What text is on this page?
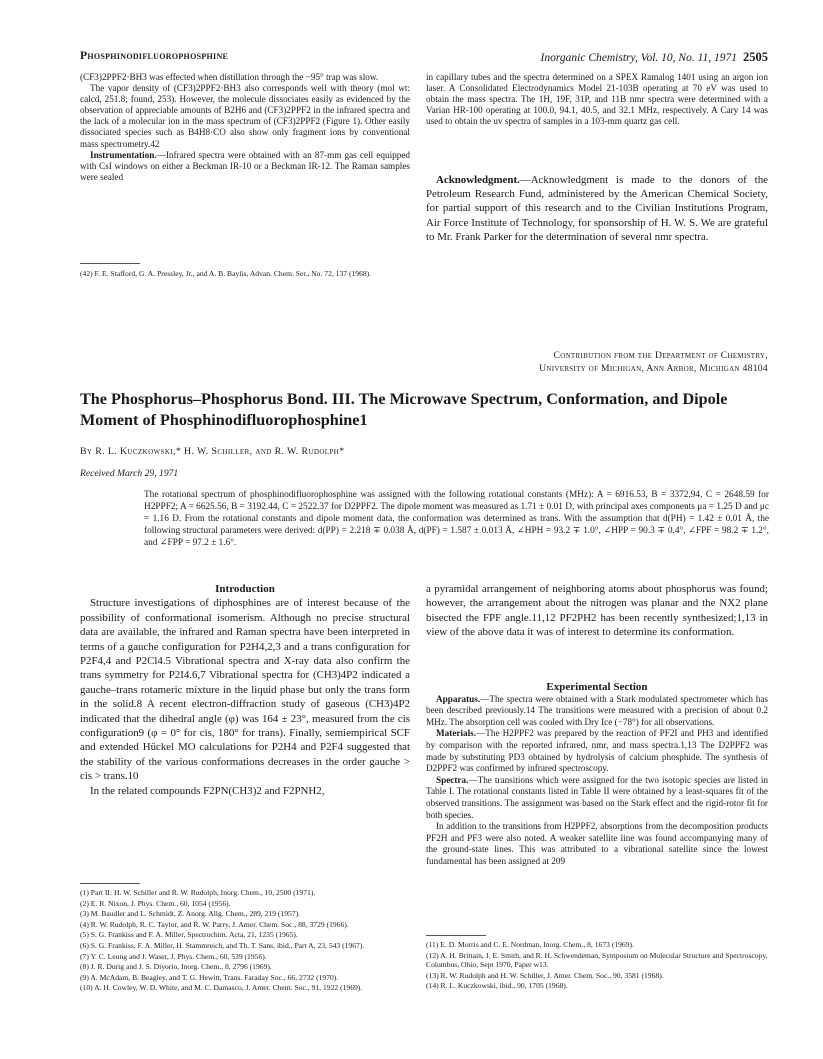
Phosphinodifluorophosphine	Inorganic Chemistry, Vol. 10, No. 11, 1971 2505

(CF3)2PPF2·BH3 was effected when distillation through the −95° trap was slow.

The vapor density of (CF3)2PPF2·BH3 also corresponds well with theory (mol wt: calcd, 251.8; found, 253). However, the molecule dissociates easily as evidenced by the observation of appreciable amounts of B2H6 and (CF3)2PPF2 in the infrared spectra and the lack of a molecular ion in the mass spectrum of (CF3)2PPF2 (Figure 1). Other easily dissociated species such as B4H8·CO also show only fragment ions by conventional mass spectrometry.42

Instrumentation.—Infrared spectra were obtained with an 87-mm gas cell equipped with CsI windows on either a Beckman IR-10 or a Beckman IR-12. The Raman samples were sealed

(42) F. E. Stafford, G. A. Pressley, Jr., and A. B. Baylis, Advan. Chem. Ser., No. 72, 137 (1968).

in capillary tubes and the spectra determined on a SPEX Ramalog 1401 using an argon ion laser. A Consolidated Electrodynamics Model 21-103B operating at 70 eV was used to obtain the mass spectra. The 1H, 19F, 31P, and 11B nmr spectra were determined with a Varian HR-100 operating at 100.0, 94.1, 40.5, and 32.1 MHz, respectively. A Cary 14 was used to obtain the uv spectra of samples in a 103-mm quartz gas cell.

Acknowledgment.—Acknowledgment is made to the donors of the Petroleum Research Fund, administered by the American Chemical Society, for partial support of this research and to the Civilian Institutions Program, Air Force Institute of Technology, for sponsorship of H. W. S. We are grateful to Mr. Frank Parker for the determination of several nmr spectra.

Contribution from the Department of Chemistry,
University of Michigan, Ann Arbor, Michigan 48104
The Phosphorus–Phosphorus Bond. III. The Microwave Spectrum, Conformation, and Dipole Moment of Phosphinodifluorophosphine1
By R. L. Kuczkowski,* H. W. Schiller, and R. W. Rudolph*
Received March 29, 1971
The rotational spectrum of phosphinodifluorophosphine was assigned with the following rotational constants (MHz): A = 6916.53, B = 3372.94, C = 2648.59 for H2PPF2; A = 6625.56, B = 3192.44, C = 2522.37 for D2PPF2. The dipole moment was measured as 1.71 ± 0.01 D, with principal axes components μa = 1.25 D and μc = 1.16 D. From the rotational constants and dipole moment data, the conformation was determined as trans. With the assumption that d(PH) = 1.42 ± 0.01 Å, the following structural parameters were derived: d(PP) = 2.218 ∓ 0.038 Å, d(PF) = 1.587 ± 0.013 Å, ∠HPH = 93.2 ∓ 1.0°, ∠HPP = 90.3 ∓ 0.4°, ∠FPF = 98.2 ∓ 1.2°, and ∠FPP = 97.2 ± 1.6°.

Introduction

Structure investigations of diphosphines are of interest because of the possibility of conformational isomerism. Although no precise structural data are available, the infrared and Raman spectra have been interpreted in terms of a gauche configuration for P2H4,2,3 and a trans configuration for P2F4,4 and P2Cl4.5 Vibrational spectra and X-ray data also confirm the trans symmetry for P2I4.6,7 Vibrational spectra for (CH3)4P2 indicated a gauche–trans rotameric mixture in the liquid phase but only the trans form in the solid.8 A recent electron-diffraction study of gaseous (CH3)4P2 indicated that the dihedral angle (φ) was 164 ± 23°, measured from the cis configuration9 (φ = 0° for cis, 180° for trans). Finally, semiempirical SCF and extended Hückel MO calculations for P2H4 and P2F4 suggested that the stability of the various conformations decreases in the order gauche > cis > trans.10

In the related compounds F2PN(CH3)2 and F2PNH2,

(1) Part II: H. W. Schiller and R. W. Rudolph, Inorg. Chem., 10, 2500 (1971).
(2) E. R. Nixon, J. Phys. Chem., 60, 1054 (1956).
(3) M. Baudler and L. Schmidt, Z. Anorg. Allg. Chem., 289, 219 (1957).
(4) R. W. Rudolph, R. C. Taylor, and R. W. Parry, J. Amer. Chem. Soc., 88, 3729 (1966).
(5) S. G. Frankiss and F. A. Miller, Spectrochim. Acta, 21, 1235 (1965).
(6) S. G. Frankiss, F. A. Miller, H. Stammreich, and Th. T. Sans, ibid., Part A, 23, 543 (1967).
(7) Y. C. Leung and J. Waser, J. Phys. Chem., 60, 539 (1956).
(8) J. R. Durig and J. S. Diyorio, Inorg. Chem., 8, 2796 (1969).
(9) A. McAdam, B. Beagley, and T. G. Hewitt, Trans. Faraday Soc., 66, 2732 (1970).
(10) A. H. Cowley, W. D. White, and M. C. Damasco, J. Amer. Chem. Soc., 91, 1922 (1969).

a pyramidal arrangement of neighboring atoms about phosphorus was found; however, the arrangement about the nitrogen was planar and the NX2 plane bisected the FPF angle.11,12 PF2PH2 has been recently synthesized;1,13 in view of the above data it was of interest to determine its conformation.

Experimental Section

Apparatus.—The spectra were obtained with a Stark modulated spectrometer which has been described previously.14 The transitions were measured with a precision of about 0.2 MHz. The absorption cell was cooled with Dry Ice (−78°) for all observations.

Materials.—The H2PPF2 was prepared by the reaction of PF2I and PH3 and identified by comparison with the reported infrared, nmr, and mass spectra.1,13 The D2PPF2 was made by substituting PD3 obtained by hydrolysis of calcium phosphide. The synthesis of D2PPF2 was confirmed by infrared spectroscopy.

Spectra.—The transitions which were assigned for the two isotopic species are listed in Table I. The rotational constants listed in Table II were obtained by a least-squares fit of the observed transitions. The assignment was based on the Stark effect and the rigid-rotor fit for both species.

In addition to the transitions from H2PPF2, absorptions from the decomposition products PF2H and PF3 were also noted. A weaker satellite line was found accompanying many of the ground-state lines. This was attributed to a vibrational satellite since the lowest fundamental has been assigned at 209

(11) E. D. Morris and C. E. Nordman, Inorg. Chem., 8, 1673 (1969).
(12) A. H. Brittain, J. E. Smith, and R. H. Schwendeman, Symposium on Molecular Structure and Spectroscopy, Columbus, Ohio, Sept 1970, Paper w13.
(13) R. W. Rudolph and H. W. Schiller, J. Amer. Chem. Soc., 90, 3581 (1968).
(14) R. L. Kuczkowski, ibid., 90, 1705 (1968).
